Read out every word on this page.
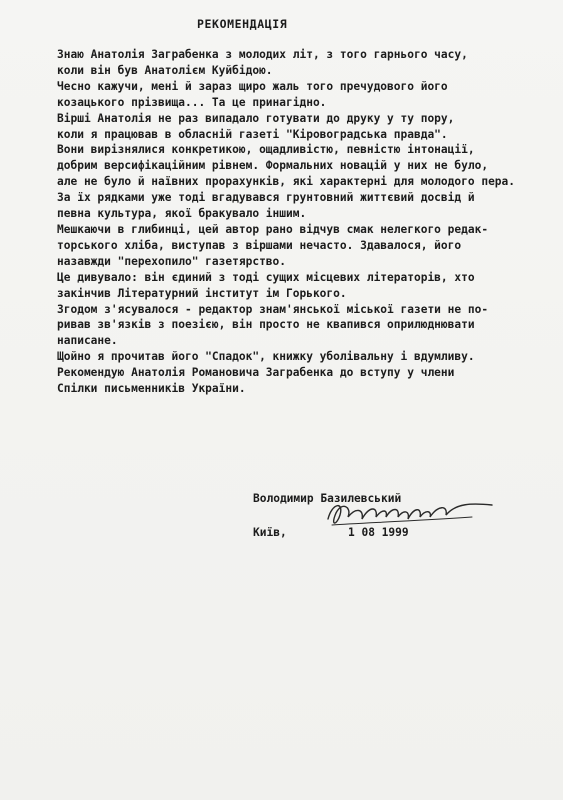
РЕКОМЕНДАЦІЯ
Знаю Анатолія Заграбенка з молодих літ, з того гарнього часу,
коли він був Анатолієм Куйбідою.
Чесно кажучи, мені й зараз щиро жаль того пречудового його
козацького прізвища... Та це принагідно.
Вірші Анатолія не раз випадало готувати до друку у ту пору,
коли я працював в обласній газеті "Кіровоградська правда".
Вони вирізнялися конкретикою, ощадливістю, певністю інтонації,
добрим версифікаційним рівнем. Формальних новацій у них не було,
але не було й наївних прорахунків, які характерні для молодого пера.
За їх рядками уже тоді вгадувався грунтовний життєвий досвід й
певна культура, якої бракувало іншим.
Мешкаючи в глибинці, цей автор рано відчув смак нелегкого редак-
торського хліба, виступав з віршами нечасто. Здавалося, його
назавжди "перехопило" газетярство.
Це дивувало: він єдиний з тоді сущих місцевих літераторів, хто
закінчив Літературний інститут ім Горького.
Згодом з'ясувалося - редактор знам'янської міської газети не по-
ривав зв'язків з поезією, він просто не квапився оприлюднювати
написане.
Щойно я прочитав його "Спадок", книжку уболівальну і вдумливу.
Рекомендую Анатолія Романовича Заграбенка до вступу у члени
Спілки письменників України.
Володимир Базилевський
Київ,	1 08 1999
